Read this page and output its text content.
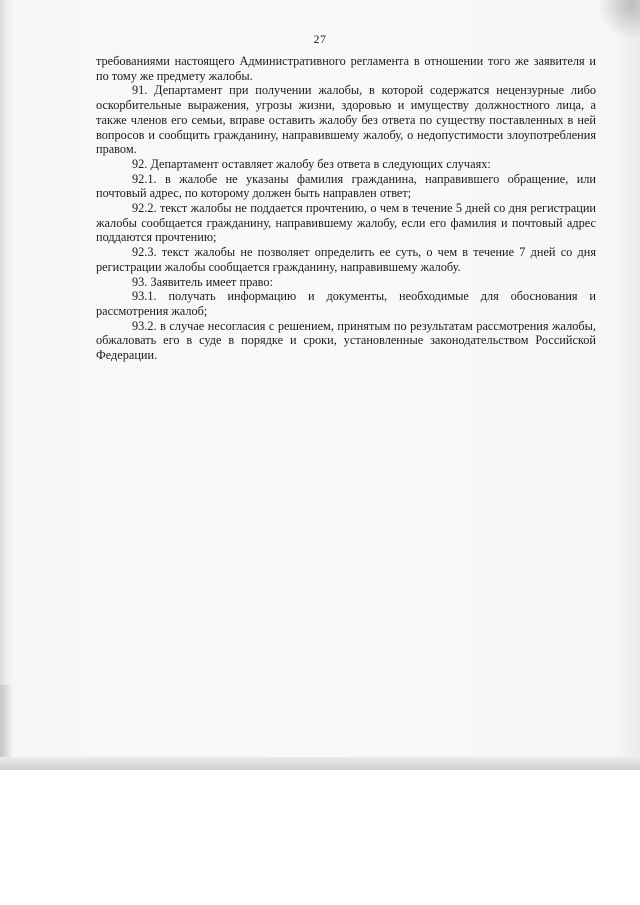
27

требованиями настоящего Административного регламента в отношении того же заявителя и по тому же предмету жалобы.

91. Департамент при получении жалобы, в которой содержатся нецензурные либо оскорбительные выражения, угрозы жизни, здоровью и имуществу должностного лица, а также членов его семьи, вправе оставить жалобу без ответа по существу поставленных в ней вопросов и сообщить гражданину, направившему жалобу, о недопустимости злоупотребления правом.

92. Департамент оставляет жалобу без ответа в следующих случаях:

92.1. в жалобе не указаны фамилия гражданина, направившего обращение, или почтовый адрес, по которому должен быть направлен ответ;

92.2. текст жалобы не поддается прочтению, о чем в течение 5 дней со дня регистрации жалобы сообщается гражданину, направившему жалобу, если его фамилия и почтовый адрес поддаются прочтению;

92.3. текст жалобы не позволяет определить ее суть, о чем в течение 7 дней со дня регистрации жалобы сообщается гражданину, направившему жалобу.

93. Заявитель имеет право:

93.1. получать информацию и документы, необходимые для обоснования и рассмотрения жалоб;

93.2. в случае несогласия с решением, принятым по результатам рассмотрения жалобы, обжаловать его в суде в порядке и сроки, установленные законодательством Российской Федерации.
